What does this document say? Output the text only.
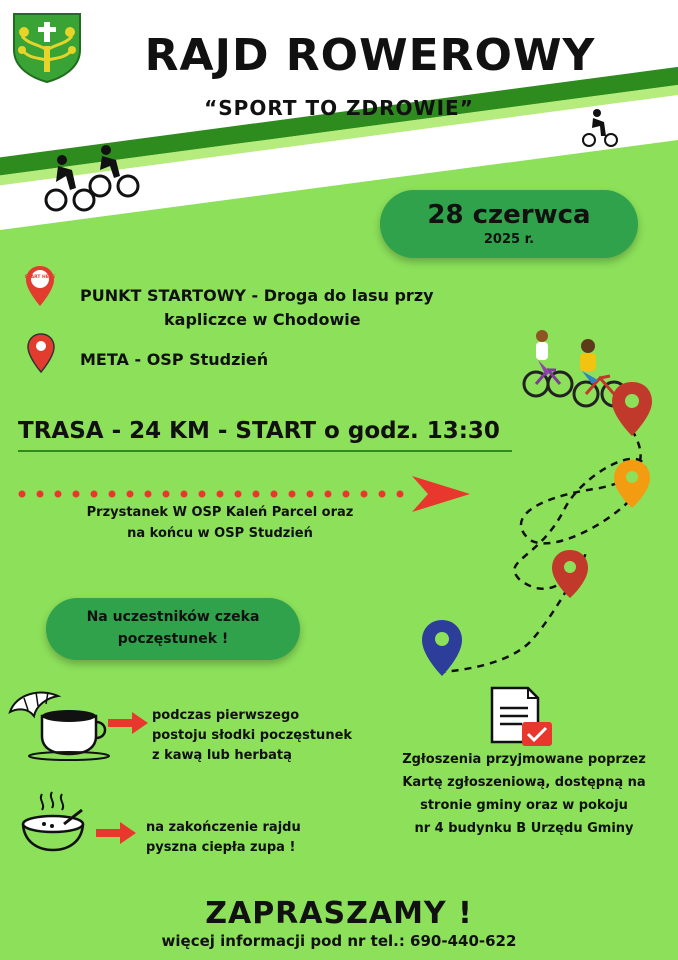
RAJD ROWEROWY
“SPORT TO ZDROWIE”
28 czerwca
2025 r.
START HERE
PUNKT STARTOWY - Droga do lasu przy
kapliczce w Chodowie
META - OSP Studzień
TRASA - 24 KM - START o godz. 13:30
Przystanek W OSP Kaleń Parcel oraz
na końcu w OSP Studzień
Na uczestników czeka
poczęstunek !
podczas pierwszego
postoju słodki poczęstunek
z kawą lub herbatą
na zakończenie rajdu
pyszna ciepła zupa !
Zgłoszenia przyjmowane poprzez
Kartę zgłoszeniową, dostępną na
stronie gminy oraz w pokoju
nr 4 budynku B Urzędu Gminy
ZAPRASZAMY !
więcej informacji pod nr tel.: 690-440-622
